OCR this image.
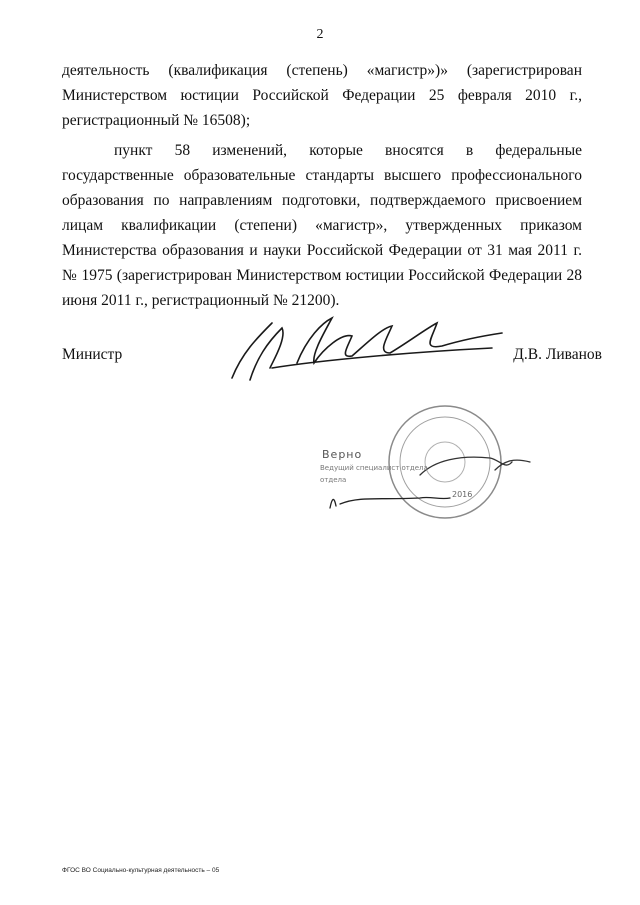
2
деятельность (квалификация (степень) «магистр»)» (зарегистрирован Министерством юстиции Российской Федерации 25 февраля 2010 г., регистрационный № 16508);
пункт 58 изменений, которые вносятся в федеральные государственные образовательные стандарты высшего профессионального образования по направлениям подготовки, подтверждаемого присвоением лицам квалификации (степени) «магистр», утвержденных приказом Министерства образования и науки Российской Федерации от 31 мая 2011 г. № 1975 (зарегистрирован Министерством юстиции Российской Федерации 28 июня 2011 г., регистрационный № 21200).
Министр	Д.В. Ливанов
Верно
Ведущий специалист отдела
отдела
2016
ФГОС ВО Социально-культурная деятельность – 05
